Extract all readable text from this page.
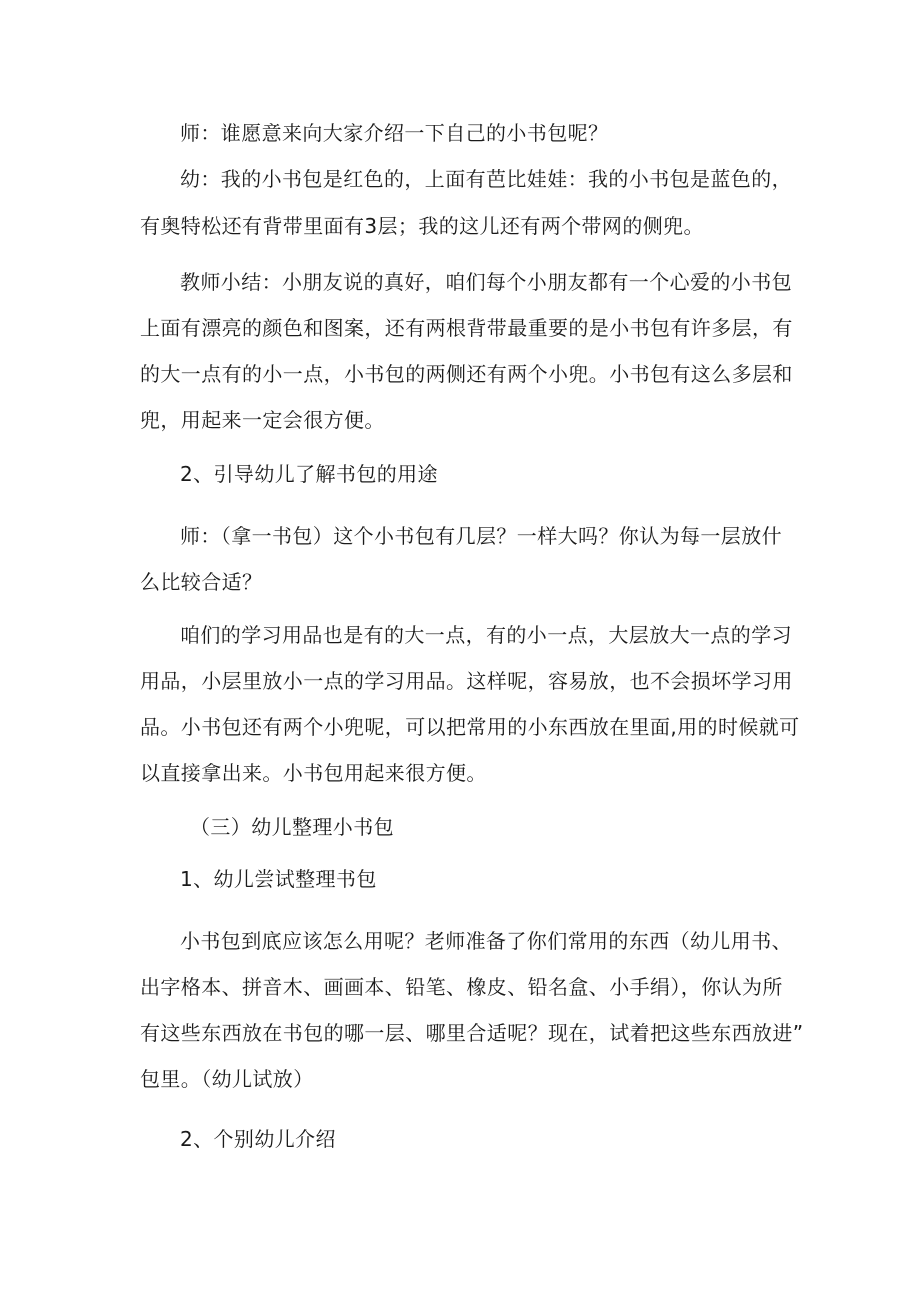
师：谁愿意来向大家介绍一下自己的小书包呢？
幼：我的小书包是红色的，上面有芭比娃娃：我的小书包是蓝色的，
有奥特松还有背带里面有3层；我的这儿还有两个带网的侧兜。
教师小结：小朋友说的真好，咱们每个小朋友都有一个心爱的小书包
上面有漂亮的颜色和图案，还有两根背带最重要的是小书包有许多层，有
的大一点有的小一点，小书包的两侧还有两个小兜。小书包有这么多层和
兜，用起来一定会很方便。
2、引导幼儿了解书包的用途
师：（拿一书包）这个小书包有几层？一样大吗？你认为每一层放什
么比较合适？
咱们的学习用品也是有的大一点，有的小一点，大层放大一点的学习
用品，小层里放小一点的学习用品。这样呢，容易放，也不会损坏学习用
品。小书包还有两个小兜呢，可以把常用的小东西放在里面,用的时候就可
以直接拿出来。小书包用起来很方便。
（三）幼儿整理小书包
1、幼儿尝试整理书包
小书包到底应该怎么用呢？老师准备了你们常用的东西（幼儿用书、
出字格本、拼音木、画画本、铅笔、橡皮、铅名盒、小手绢），你认为所
有这些东西放在书包的哪一层、哪里合适呢？现在，试着把这些东西放进”
包里。（幼儿试放）
2、个别幼儿介绍
